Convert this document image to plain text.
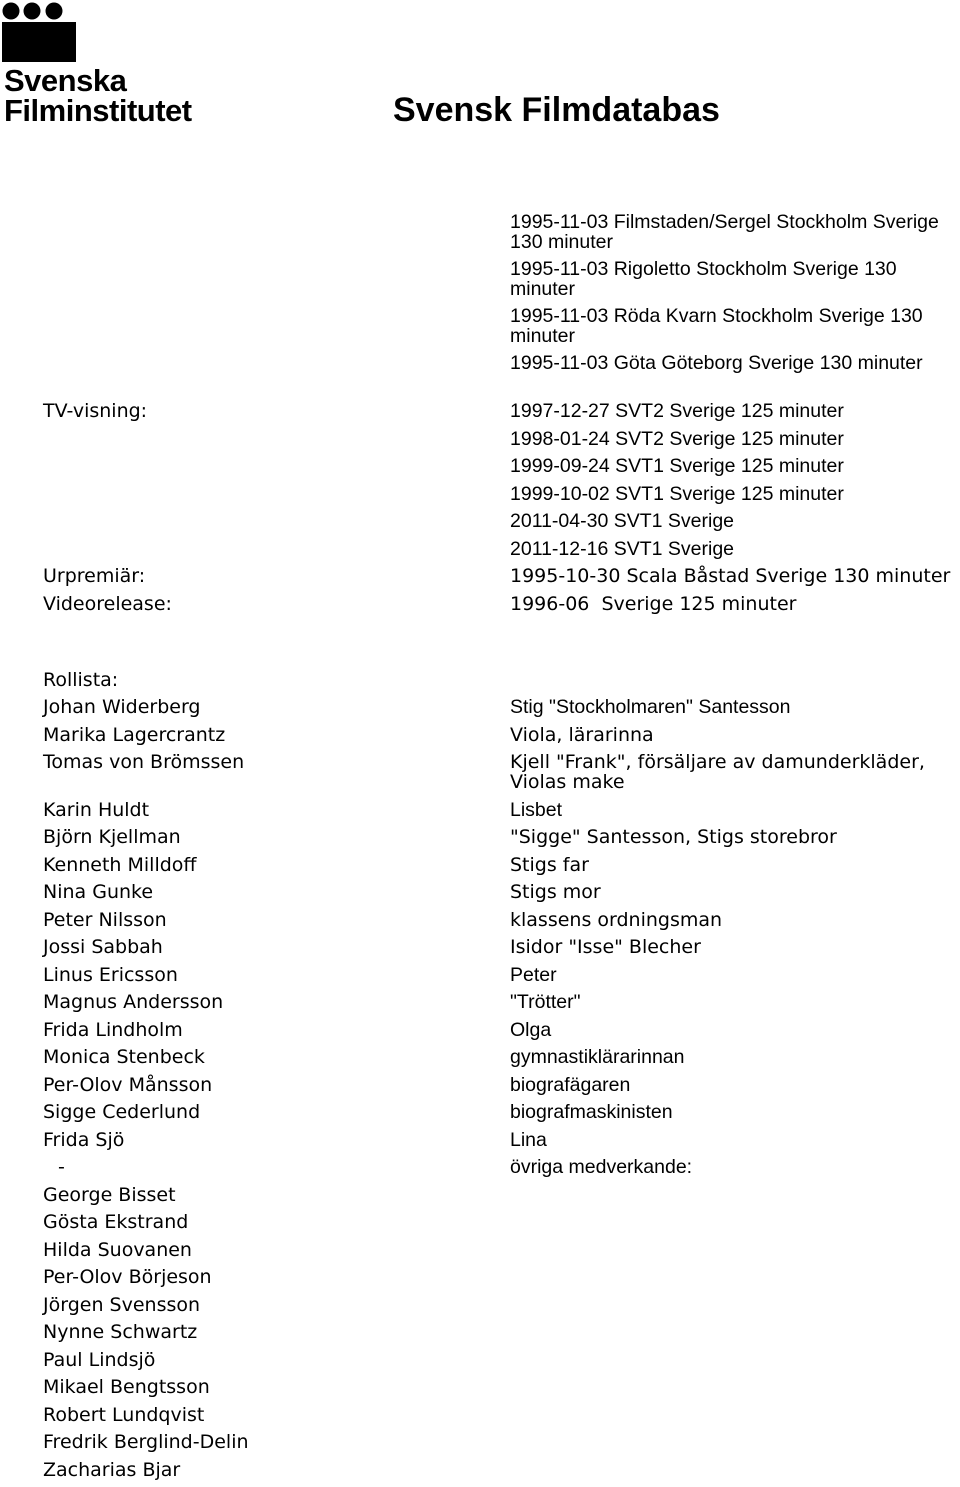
Svenska
Filminstitutet	Svensk Filmdatabas
1995-11-03 Filmstaden/Sergel Stockholm Sverige 130 minuter
1995-11-03 Rigoletto Stockholm Sverige 130 minuter
1995-11-03 Röda Kvarn Stockholm Sverige 130 minuter
1995-11-03 Göta Göteborg Sverige 130 minuter
TV-visning:	1997-12-27 SVT2 Sverige 125 minuter
1998-01-24 SVT2 Sverige 125 minuter
1999-09-24 SVT1 Sverige 125 minuter
1999-10-02 SVT1 Sverige 125 minuter
2011-04-30 SVT1 Sverige
2011-12-16 SVT1 Sverige
Urpremiär:	1995-10-30 Scala Båstad Sverige 130 minuter
Videorelease:	1996-06  Sverige 125 minuter
Rollista:
Johan Widerberg	Stig "Stockholmaren" Santesson
Marika Lagercrantz	Viola, lärarinna
Tomas von Brömssen	Kjell "Frank", försäljare av damunderkläder, Violas make
Karin Huldt	Lisbet
Björn Kjellman	"Sigge" Santesson, Stigs storebror
Kenneth Milldoff	Stigs far
Nina Gunke	Stigs mor
Peter Nilsson	klassens ordningsman
Jossi Sabbah	Isidor "Isse" Blecher
Linus Ericsson	Peter
Magnus Andersson	"Trötter"
Frida Lindholm	Olga
Monica Stenbeck	gymnastiklärarinnan
Per-Olov Månsson	biografägaren
Sigge Cederlund	biografmaskinisten
Frida Sjö	Lina
-	övriga medverkande:
George Bisset
Gösta Ekstrand
Hilda Suovanen
Per-Olov Börjeson
Jörgen Svensson
Nynne Schwartz
Paul Lindsjö
Mikael Bengtsson
Robert Lundqvist
Fredrik Berglind-Delin
Zacharias Bjar
